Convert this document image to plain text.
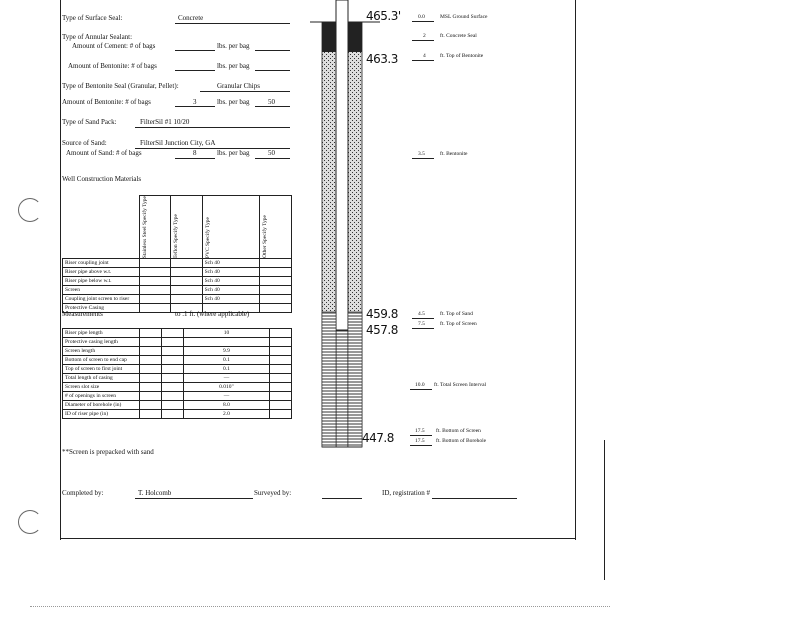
Type of Surface Seal:	Concrete
Type of Annular Sealant:
Amount of Cement: # of bags	lbs. per bag
Amount of Bentonite: # of bags	lbs. per bag
Type of Bentonite Seal (Granular, Pellet):	Granular Chips
Amount of Bentonite: # of bags	3	lbs. per bag	50
Type of Sand Pack:	FilterSil #1 10/20
Source of Sand:	FilterSil Junction City, GA
Amount of Sand: # of bags	8	lbs. per bag	50
Well Construction Materials

	Stainless Steel Specify Type	Teflon Specify Type	PVC Specify Type	Other Specify Type

Riser coupling joint			Sch 40	
Riser pipe above w.t.			Sch 40	
Riser pipe below w.t.			Sch 40	
Screen			Sch 40	
Coupling joint screen to riser			Sch 40	
Protective Casing				
Measurements	to .1 ft. (where applicable)
Riser pipe length			10	
Protective casing length				
Screen length			9.9	
Bottom of screen to end cap			0.1	
Top of screen to first joint			0.1	
Total length of casing			—	
Screen slot size			0.010"	
# of openings in screen			—	
Diameter of borehole (in)			8.0	
ID of riser pipe (in)			2.0	
**Screen is prepacked with sand
Completed by:	T. Holcomb	Surveyed by:	ID, registration #
465.3'
463.3
459.8
457.8
447.8
0.0	MSL Ground Surface
2	ft. Concrete Seal
4	ft. Top of Bentonite
3.5	ft. Bentonite
4.5	ft. Top of Sand
7.5	ft. Top of Screen
10.0 ft. Total Screen Interval
17.5 ft. Bottom of Screen
17.5 ft. Bottom of Borehole
